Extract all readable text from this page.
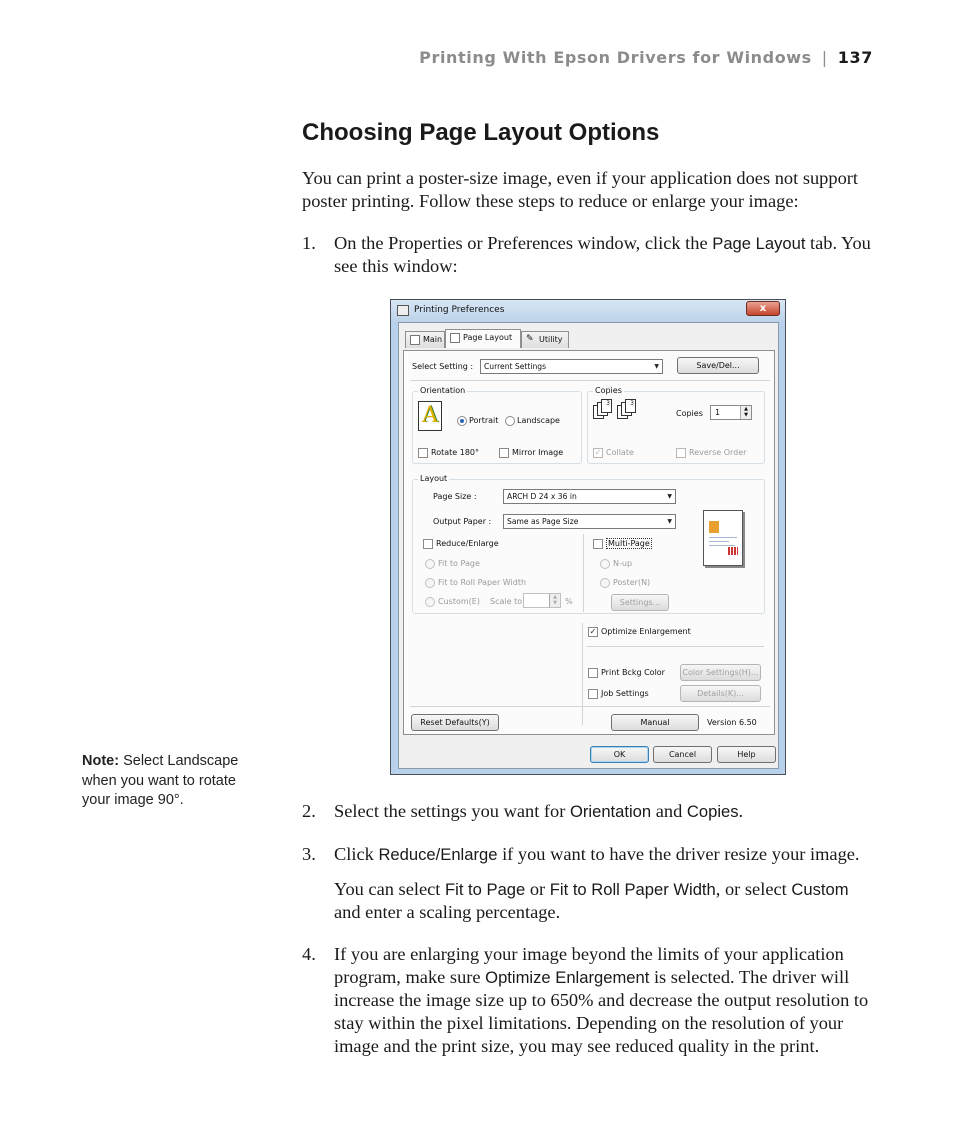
Printing With Epson Drivers for Windows | 137
Choosing Page Layout Options

You can print a poster-size image, even if your application does not support poster printing. Follow these steps to reduce or enlarge your image:

1. On the Properties or Preferences window, click the Page Layout tab. You see this window:
Printing Preferences	x
Main	Page Layout	✎ Utility
Select Setting :	Current Settings ▼	Save/Del...
Orientation
A	Portrait Landscape
Rotate 180°	Mirror Image
Copies
3	3
Copies	1	▲
▼
✓ Collate	Reverse Order
Layout
Page Size :	ARCH D 24 x 36 in ▼
Output Paper :	Same as Page Size ▼
Reduce/Enlarge
Fit to Page
Fit to Roll Paper Width
Custom(E) Scale to	▲
▼	%
Multi-Page
N-up
Poster(N)
Settings...
✓ Optimize Enlargement
Print Bckg Color	Color Settings(H)...
Job Settings	Details(K)...
Reset Defaults(Y)	Manual	Version 6.50
OK	Cancel	Help
Note: Select Landscape when you want to rotate your image 90°.
2. Select the settings you want for Orientation and Copies.
3. Click Reduce/Enlarge if you want to have the driver resize your image.
You can select Fit to Page or Fit to Roll Paper Width, or select Custom and enter a scaling percentage.
4. If you are enlarging your image beyond the limits of your application program, make sure Optimize Enlargement is selected. The driver will increase the image size up to 650% and decrease the output resolution to stay within the pixel limitations. Depending on the resolution of your image and the print size, you may see reduced quality in the print.
